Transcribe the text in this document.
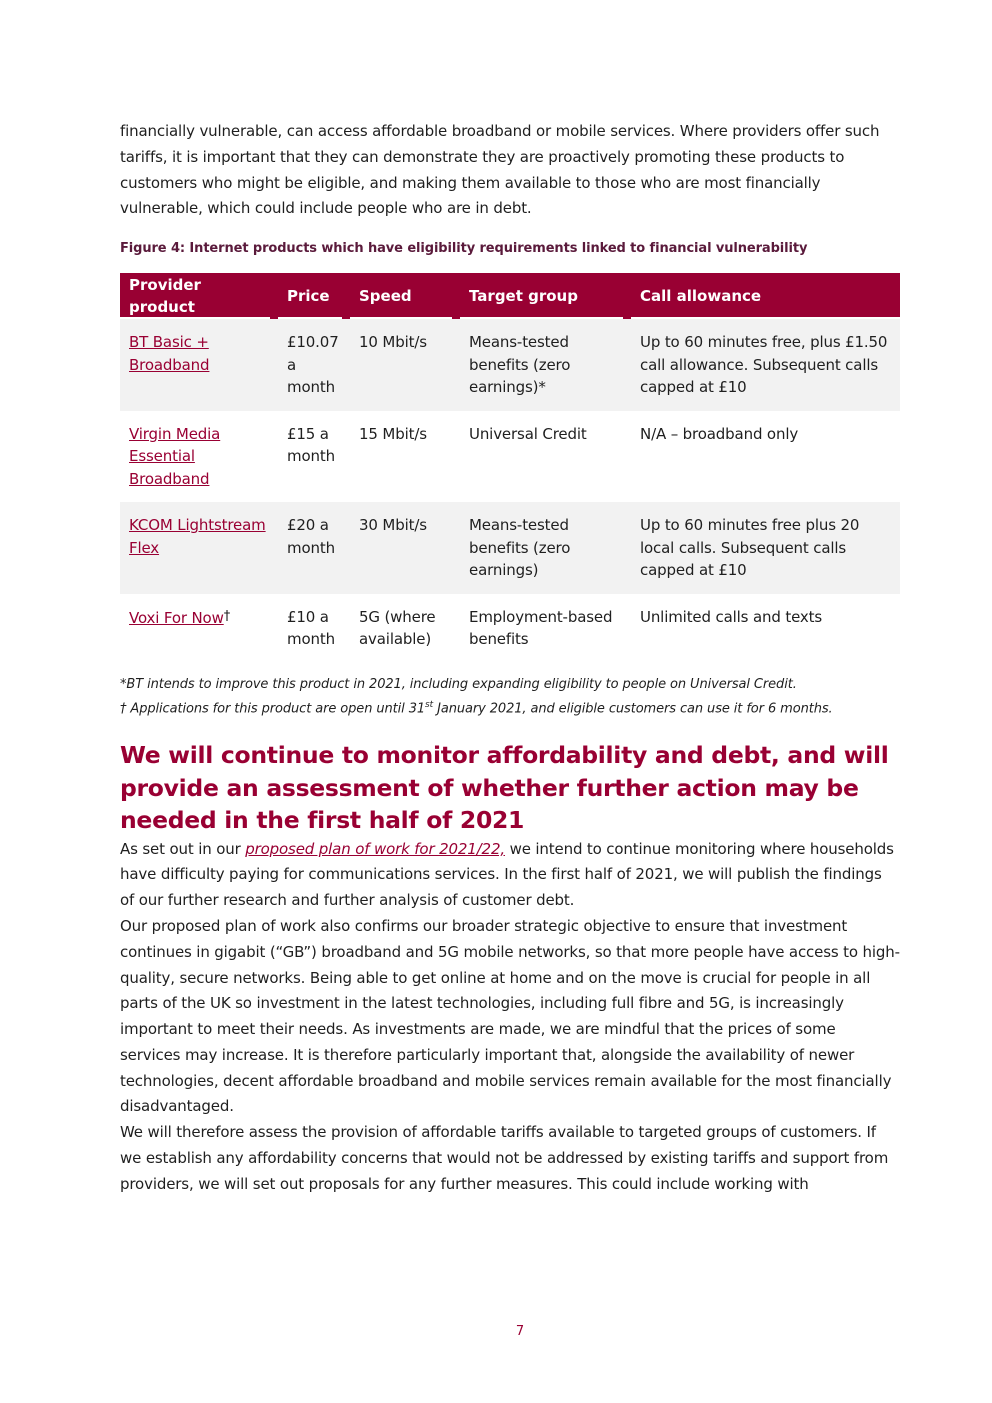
financially vulnerable, can access affordable broadband or mobile services. Where providers offer such tariffs, it is important that they can demonstrate they are proactively promoting these products to customers who might be eligible, and making them available to those who are most financially vulnerable, which could include people who are in debt.

Figure 4: Internet products which have eligibility requirements linked to financial vulnerability
Provider product	Price	Speed	Target group	Call allowance

BT Basic + Broadband	£10.07 a month	10 Mbit/s	Means-tested benefits (zero earnings)*	Up to 60 minutes free, plus £1.50 call allowance. Subsequent calls capped at £10
Virgin Media Essential Broadband	£15 a month	15 Mbit/s	Universal Credit	N/A – broadband only
KCOM Lightstream Flex	£20 a month	30 Mbit/s	Means-tested benefits (zero earnings)	Up to 60 minutes free plus 20 local calls. Subsequent calls capped at £10
Voxi For Now†	£10 a month	5G (where available)	Employment-based benefits	Unlimited calls and texts
*BT intends to improve this product in 2021, including expanding eligibility to people on Universal Credit.
† Applications for this product are open until 31st January 2021, and eligible customers can use it for 6 months.
We will continue to monitor affordability and debt, and will provide an assessment of whether further action may be needed in the first half of 2021

As set out in our proposed plan of work for 2021/22, we intend to continue monitoring where households have difficulty paying for communications services. In the first half of 2021, we will publish the findings of our further research and further analysis of customer debt.

Our proposed plan of work also confirms our broader strategic objective to ensure that investment continues in gigabit (“GB”) broadband and 5G mobile networks, so that more people have access to high-quality, secure networks. Being able to get online at home and on the move is crucial for people in all parts of the UK so investment in the latest technologies, including full fibre and 5G, is increasingly important to meet their needs. As investments are made, we are mindful that the prices of some services may increase. It is therefore particularly important that, alongside the availability of newer technologies, decent affordable broadband and mobile services remain available for the most financially disadvantaged.

We will therefore assess the provision of affordable tariffs available to targeted groups of customers. If we establish any affordability concerns that would not be addressed by existing tariffs and support from providers, we will set out proposals for any further measures. This could include working with

7
